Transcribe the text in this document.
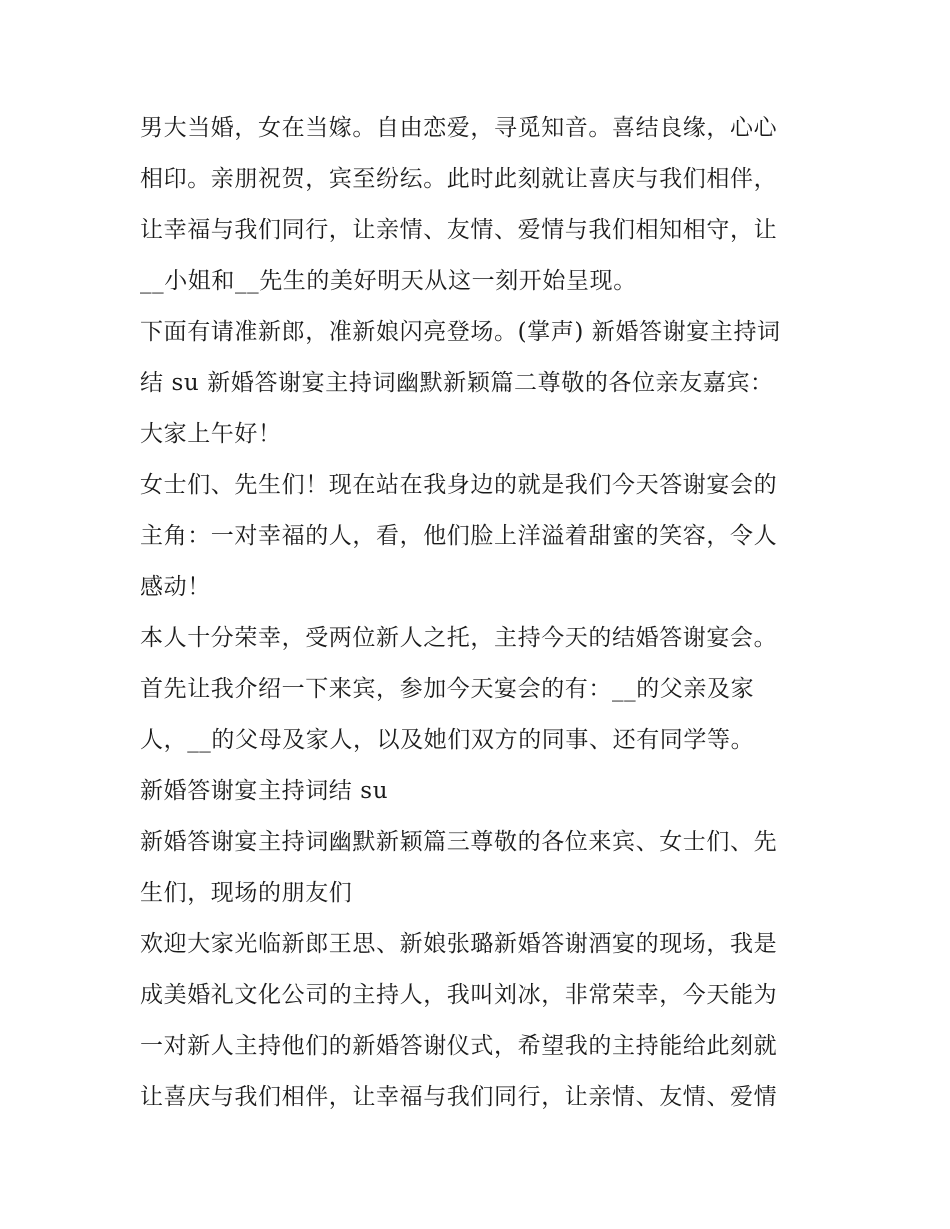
男大当婚，女在当嫁。自由恋爱，寻觅知音。喜结良缘，心心
相印。亲朋祝贺，宾至纷纭。此时此刻就让喜庆与我们相伴，
让幸福与我们同行，让亲情、友情、爱情与我们相知相守，让
__小姐和__先生的美好明天从这一刻开始呈现。
下面有请准新郎，准新娘闪亮登场。(掌声) 新婚答谢宴主持词
结 su 新婚答谢宴主持词幽默新颖篇二尊敬的各位亲友嘉宾：
大家上午好！
女士们、先生们！现在站在我身边的就是我们今天答谢宴会的
主角：一对幸福的人，看，他们脸上洋溢着甜蜜的笑容，令人
感动！
本人十分荣幸，受两位新人之托，主持今天的结婚答谢宴会。
首先让我介绍一下来宾，参加今天宴会的有：__的父亲及家
人，__的父母及家人，以及她们双方的同事、还有同学等。
新婚答谢宴主持词结 su
新婚答谢宴主持词幽默新颖篇三尊敬的各位来宾、女士们、先
生们，现场的朋友们
欢迎大家光临新郎王思、新娘张璐新婚答谢酒宴的现场，我是
成美婚礼文化公司的主持人，我叫刘冰，非常荣幸，今天能为
一对新人主持他们的新婚答谢仪式，希望我的主持能给此刻就
让喜庆与我们相伴，让幸福与我们同行，让亲情、友情、爱情
